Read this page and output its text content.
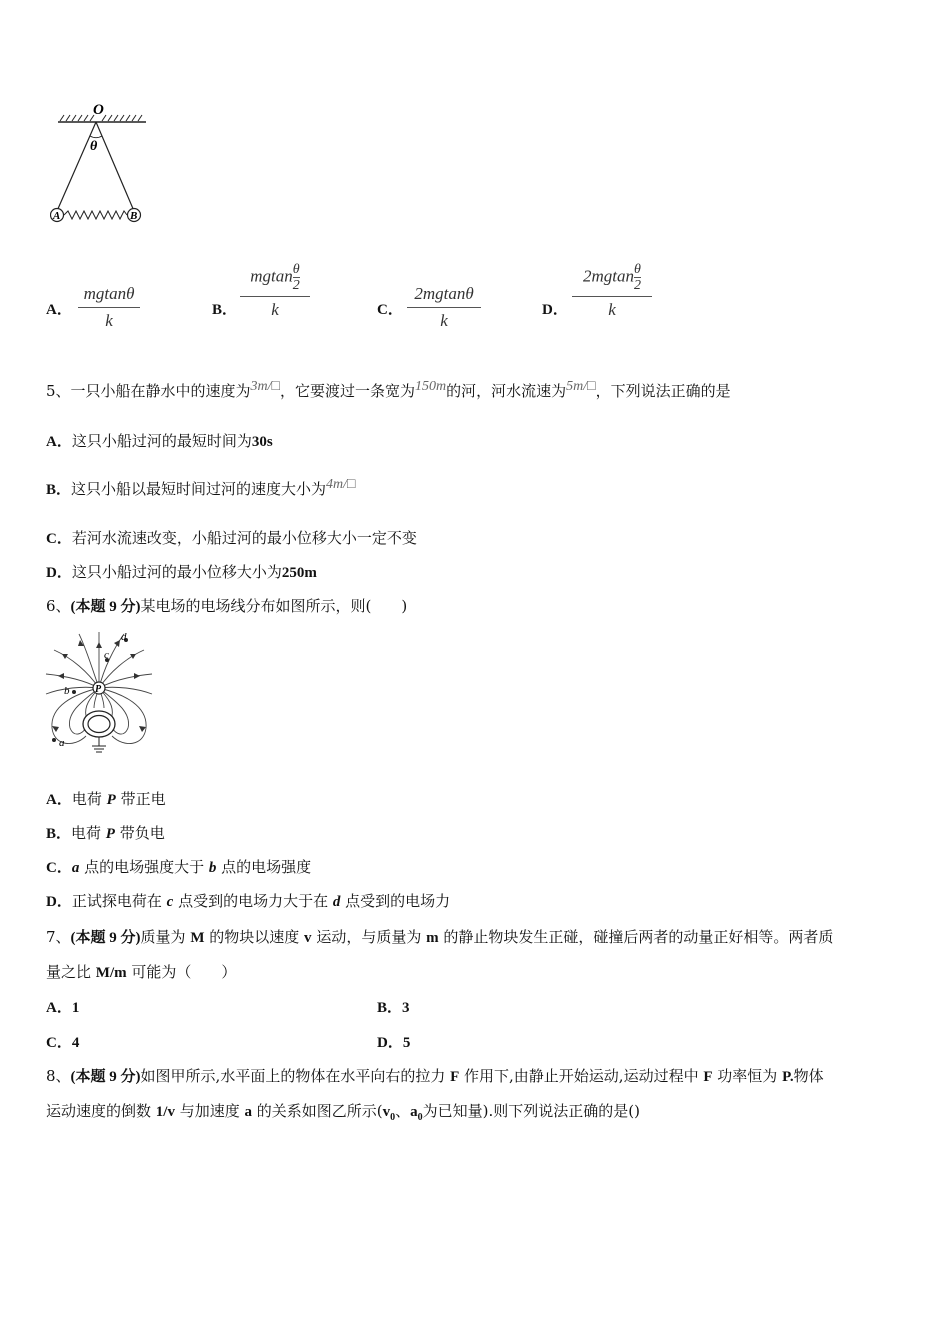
O
θ
A	B
A．
mgtanθ
k
B．
$mgtan\frac{\theta}{2}$
k	C．
2mgtanθ
k
D．
$2mgtan\frac{\theta}{2}$
k
5、一只小船在静水中的速度为3m/□，它要渡过一条宽为150m的河，河水流速为5m/□，下列说法正确的是
A．这只小船过河的最短时间为30s
B．这只小船以最短时间过河的速度大小为4m/□
C．若河水流速改变，小船过河的最小位移大小一定不变
D．这只小船过河的最小位移大小为250m
6、(本题 9 分)某电场的电场线分布如图所示，则(　　)
P
a
b
c
d
A．电荷 P 带正电
B．电荷 P 带负电
C．a 点的电场强度大于 b 点的电场强度
D．正试探电荷在 c 点受到的电场力大于在 d 点受到的电场力
7、(本题 9 分)质量为 M 的物块以速度 v 运动，与质量为 m 的静止物块发生正碰，碰撞后两者的动量正好相等。两者质
量之比 M/m 可能为（　　）
A．1	B．3
C．4	D．5
8、(本题 9 分)如图甲所示,水平面上的物体在水平向右的拉力 F 作用下,由静止开始运动,运动过程中 F 功率恒为 P.物体
运动速度的倒数 1/v 与加速度 a 的关系如图乙所示($v_0$、$a_0$为已知量).则下列说法正确的是()
